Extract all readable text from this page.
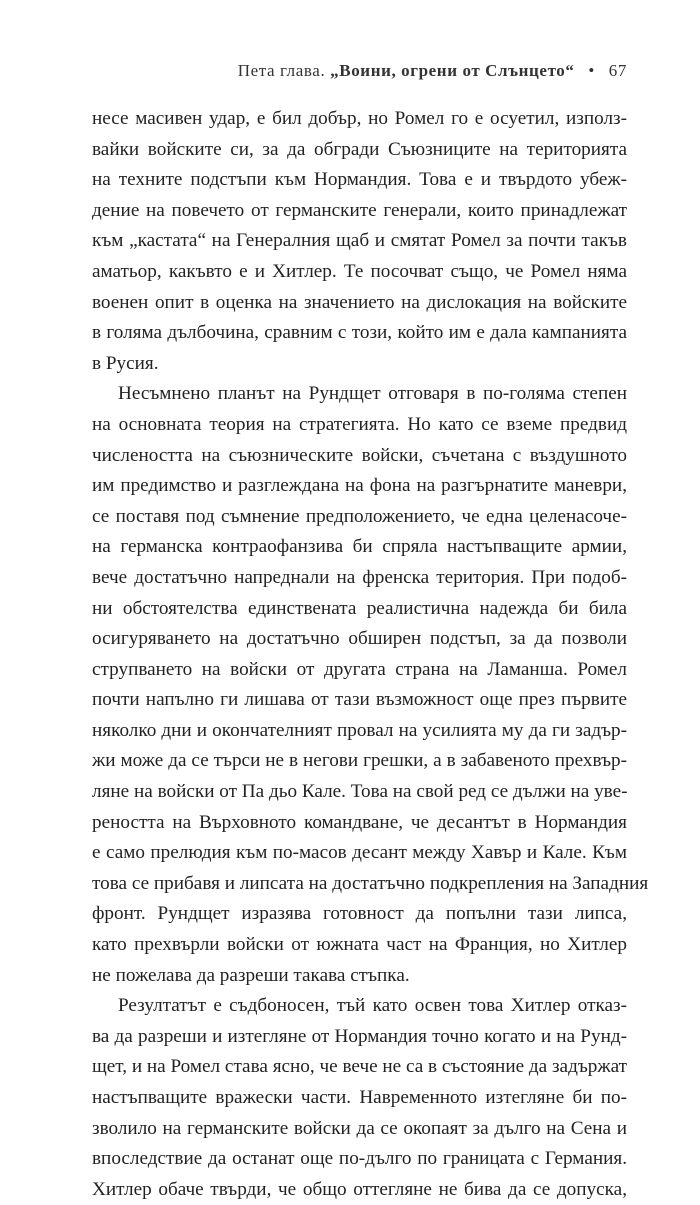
Пета глава. „Воини, огрени от Слънцето“ • 67
несе масивен удар, е бил добър, но Ромел го е осуетил, използ-
вайки войските си, за да обгради Съюзниците на територията
на техните подстъпи към Нормандия. Това е и твърдото убеж-
дение на повечето от германските генерали, които принадлежат
към „кастата“ на Генералния щаб и смятат Ромел за почти такъв
аматьор, какъвто е и Хитлер. Те посочват също, че Ромел няма
военен опит в оценка на значението на дислокация на войските
в голяма дълбочина, сравним с този, който им е дала кампанията
в Русия.
Несъмнено планът на Рундщет отговаря в по-голяма степен
на основната теория на стратегията. Но като се вземе предвид
числеността на съюзническите войски, съчетана с въздушното
им предимство и разглеждана на фона на разгърнатите маневри,
се поставя под съмнение предположението, че една целенасоче-
на германска контраофанзива би спряла настъпващите армии,
вече достатъчно напреднали на френска територия. При подоб-
ни обстоятелства единствената реалистична надежда би била
осигуряването на достатъчно обширен подстъп, за да позволи
струпването на войски от другата страна на Ламанша. Ромел
почти напълно ги лишава от тази възможност още през първите
няколко дни и окончателният провал на усилията му да ги задър-
жи може да се търси не в негови грешки, а в забавеното прехвър-
ляне на войски от Па дьо Кале. Това на свой ред се дължи на уве-
реността на Върховното командване, че десантът в Нормандия
е само прелюдия към по-масов десант между Хавър и Кале. Към
това се прибавя и липсата на достатъчно подкрепления на Западния
фронт. Рундщет изразява готовност да попълни тази липса,
като прехвърли войски от южната част на Франция, но Хитлер
не пожелава да разреши такава стъпка.
Резултатът е съдбоносен, тъй като освен това Хитлер отказ-
ва да разреши и изтегляне от Нормандия точно когато и на Рунд-
щет, и на Ромел става ясно, че вече не са в състояние да задържат
настъпващите вражески части. Навременното изтегляне би по-
зволило на германските войски да се окопаят за дълго на Сена и
впоследствие да останат още по-дълго по границата с Германия.
Хитлер обаче твърди, че общо оттегляне не бива да се допуска,
